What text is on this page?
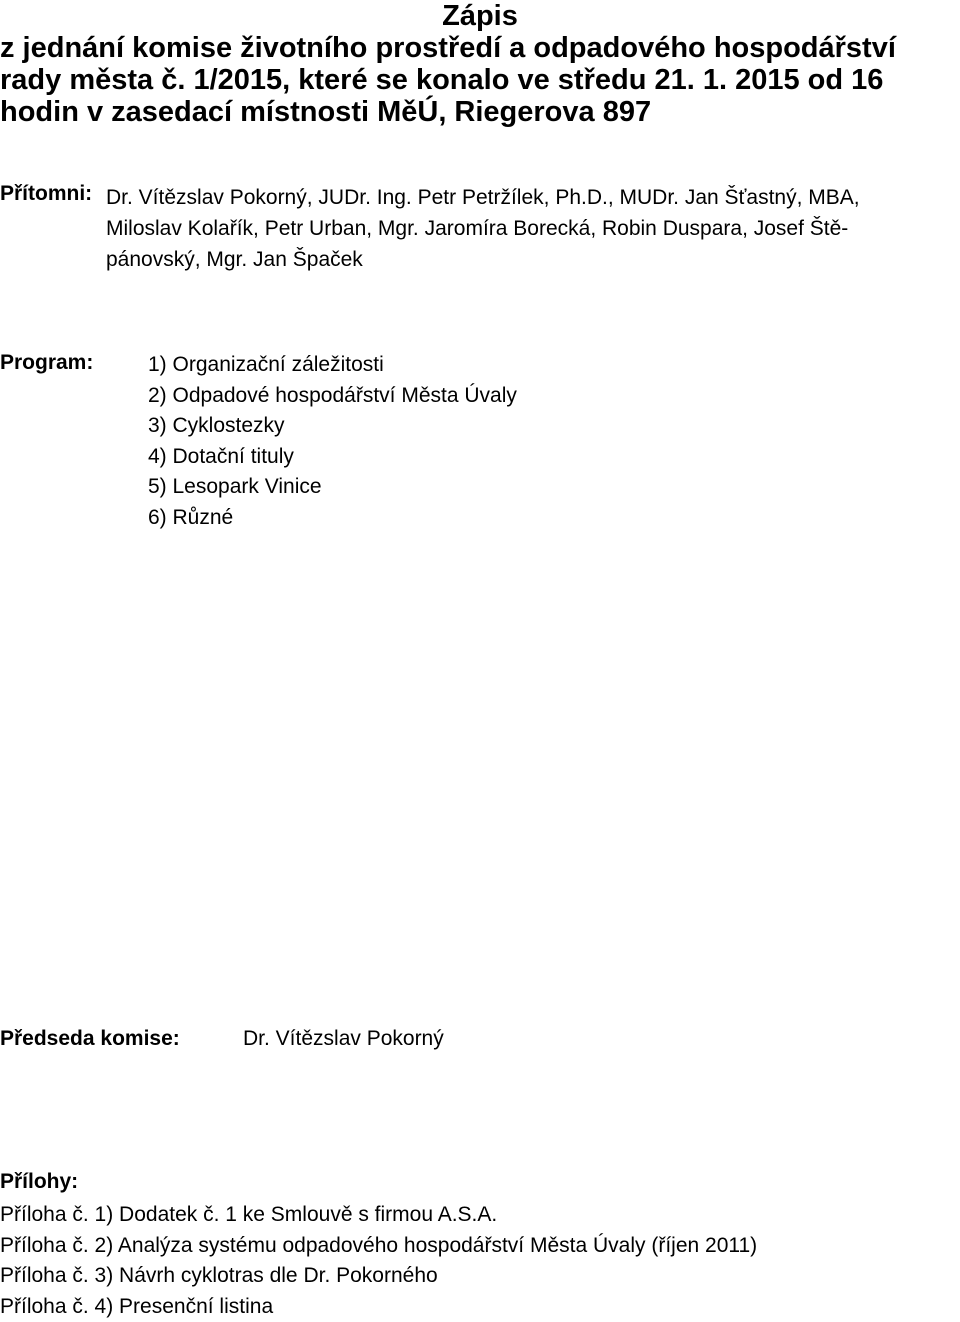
Zápis
z jednání komise životního prostředí a odpadového hospodářství
rady města č. 1/2015, které se konalo ve středu 21. 1. 2015 od 16
hodin v zasedací místnosti MěÚ, Riegerova 897
Přítomni: Dr. Vítězslav Pokorný, JUDr. Ing. Petr Petržílek, Ph.D., MUDr. Jan Šťastný, MBA,
Miloslav Kolařík, Petr Urban, Mgr. Jaromíra Borecká, Robin Duspara, Josef Ště-
pánovský, Mgr. Jan Špaček
Program:	1) Organizační záležitosti
2) Odpadové hospodářství Města Úvaly
3) Cyklostezky
4) Dotační tituly
5) Lesopark Vinice
6) Různé
Předseda komise:	Dr. Vítězslav Pokorný
Přílohy:
Příloha č. 1) Dodatek č. 1 ke Smlouvě s firmou A.S.A.
Příloha č. 2) Analýza systému odpadového hospodářství Města Úvaly (říjen 2011)
Příloha č. 3) Návrh cyklotras dle Dr. Pokorného
Příloha č. 4) Presenční listina
